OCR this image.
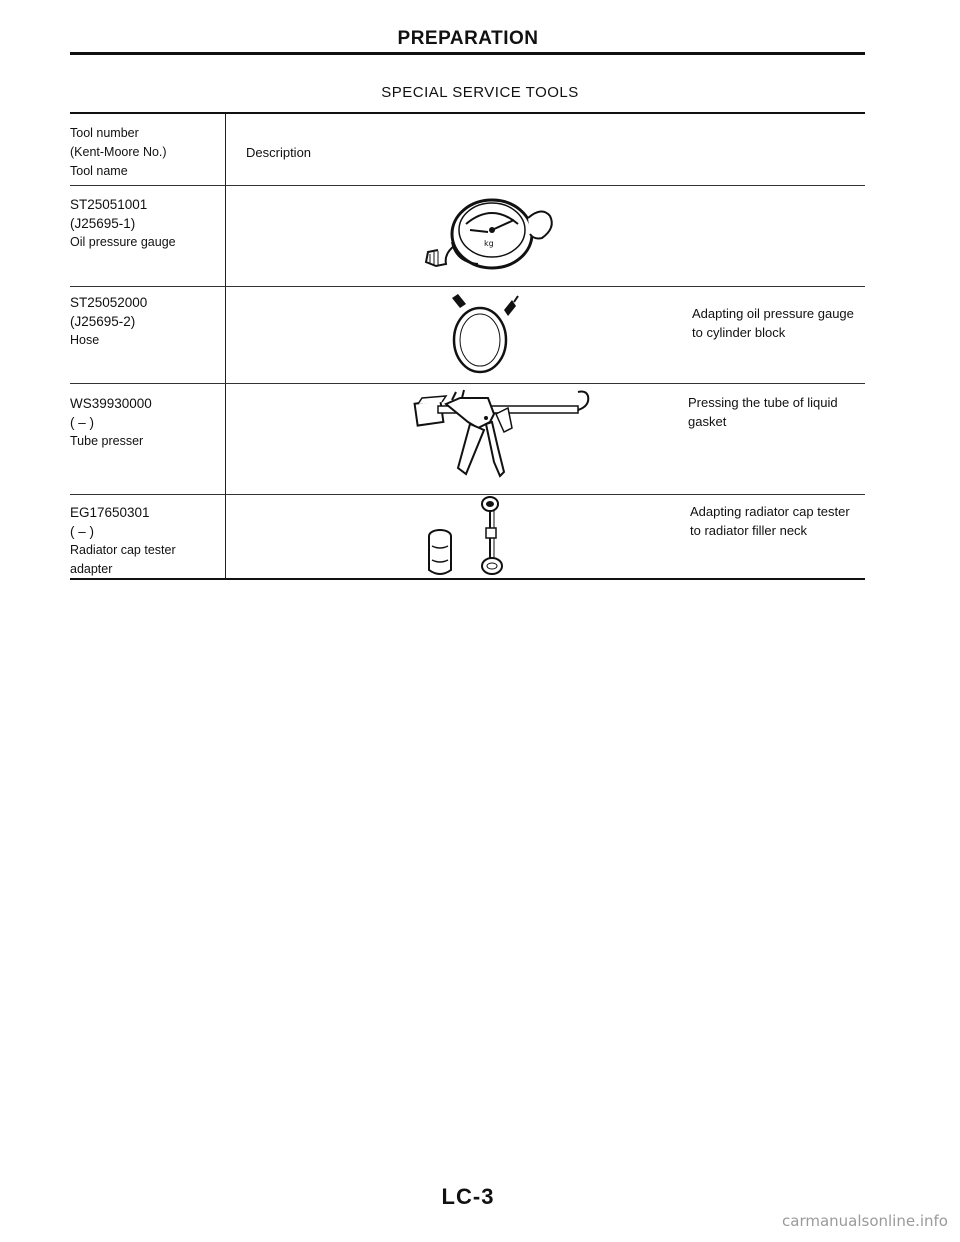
PREPARATION
SPECIAL SERVICE TOOLS
Tool number
(Kent-Moore No.)
Tool name
Description
ST25051001
(J25695-1)
Oil pressure gauge	kg
ST25052000
(J25695-2)
Hose
Adapting oil pressure gauge
to cylinder block
WS39930000
( – )
Tube presser
Pressing the tube of liquid
gasket
EG17650301
( – )
Radiator cap tester
adapter
Adapting radiator cap tester
to radiator filler neck
LC-3
carmanualsonline.info
